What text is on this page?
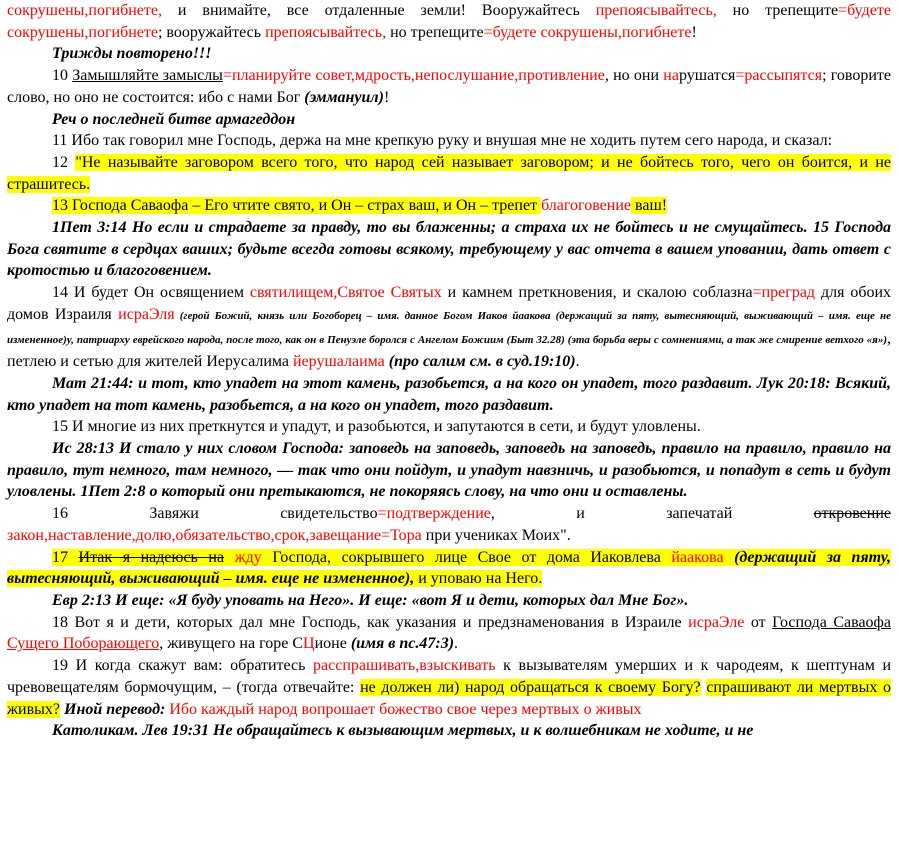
сокрушены,погибнете, и внимайте, все отдаленные земли! Вооружайтесь препоясывайтесь, но трепещите=будете сокрушены,погибнете; вооружайтесь препоясывайтесь, но трепещите=будете сокрушены,погибнете!

Трижды повторено!!!

10 Замышляйте замыслы=планируйте совет,мдрость,непослушание,противление, но они нарушатся=рассыпятся; говорите слово, но оно не состоится: ибо с нами Бог (эммануил)!

Реч о последней битве армагеддон

11 Ибо так говорил мне Господь, держа на мне крепкую руку и внушая мне не ходить путем сего народа, и сказал:

12 "Не называйте заговором всего того, что народ сей называет заговором; и не бойтесь того, чего он боится, и не страшитесь.

13 Господа Саваофа – Его чтите свято, и Он – страх ваш, и Он – трепет благоговение ваш!

1Пет 3:14 Но если и страдаете за правду, то вы блаженны; а страха их не бойтесь и не смущайтесь. 15 Господа Бога святите в сердцах ваших; будьте всегда готовы всякому, требующему у вас отчета в вашем уповании, дать ответ с кротостью и благоговением.

14 И будет Он освящением святилищем,Святое Святых и камнем преткновения, и скалою соблазна=преград для обоих домов Израиля исраЭля (герой Божий, князь или Богоборец – имя. данное Богом Иаков йаакова (держащий за пяту, вытесняющий, выживающий – имя. еще не измененное)у, патриарху еврейского народа, после того, как он в Пенуэле боролся с Ангелом Божиим (Быт 32.28) (эта борьба веры с сомнениями, а так же смирение ветхого «я»), петлею и сетью для жителей Иерусалима йерушалаима (про салим см. в суд.19:10).

Мат 21:44: и тот, кто упадет на этот камень, разобьется, а на кого он упадет, того раздавит. Лук 20:18: Всякий, кто упадет на тот камень, разобьется, а на кого он упадет, того раздавит.

15 И многие из них преткнутся и упадут, и разобьются, и запутаются в сети, и будут уловлены.

Ис 28:13 И стало у них словом Господа: заповедь на заповедь, заповедь на заповедь, правило на правило, правило на правило, тут немного, там немного, — так что они пойдут, и упадут навзничь, и разобьются, и попадут в сеть и будут уловлены. 1Пет 2:8 о который они претыкаются, не покоряясь слову, на что они и оставлены.

16 Завяжи свидетельство=подтверждение, и запечатай откровение закон,наставление,долю,обязательство,срок,завещание=Тора при учениках Моих".

17 Итак я надеюсь на жду Господа, сокрывшего лице Свое от дома Иаковлева йаакова (держащий за пяту, вытесняющий, выживающий – имя. еще не измененное), и уповаю на Него.

Евр 2:13 И еще: «Я буду уповать на Него». И еще: «вот Я и дети, которых дал Мне Бог».

18 Вот я и дети, которых дал мне Господь, как указания и предзнаменования в Израиле исраЭле от Господа Саваофа Сущего Поборающего, живущего на горе СЦионе (имя в пс.47:3).

19 И когда скажут вам: обратитесь расспрашивать,взыскивать к вызывателям умерших и к чародеям, к шептунам и чревовещателям бормочущим, – (тогда отвечайте: не должен ли) народ обращаться к своему Богу? спрашивают ли мертвых о живых? Иной перевод: Ибо каждый народ вопрошает божество свое через мертвых о живых

Католикам. Лев 19:31 Не обращайтесь к вызывающим мертвых, и к волшебникам не ходите, и не
